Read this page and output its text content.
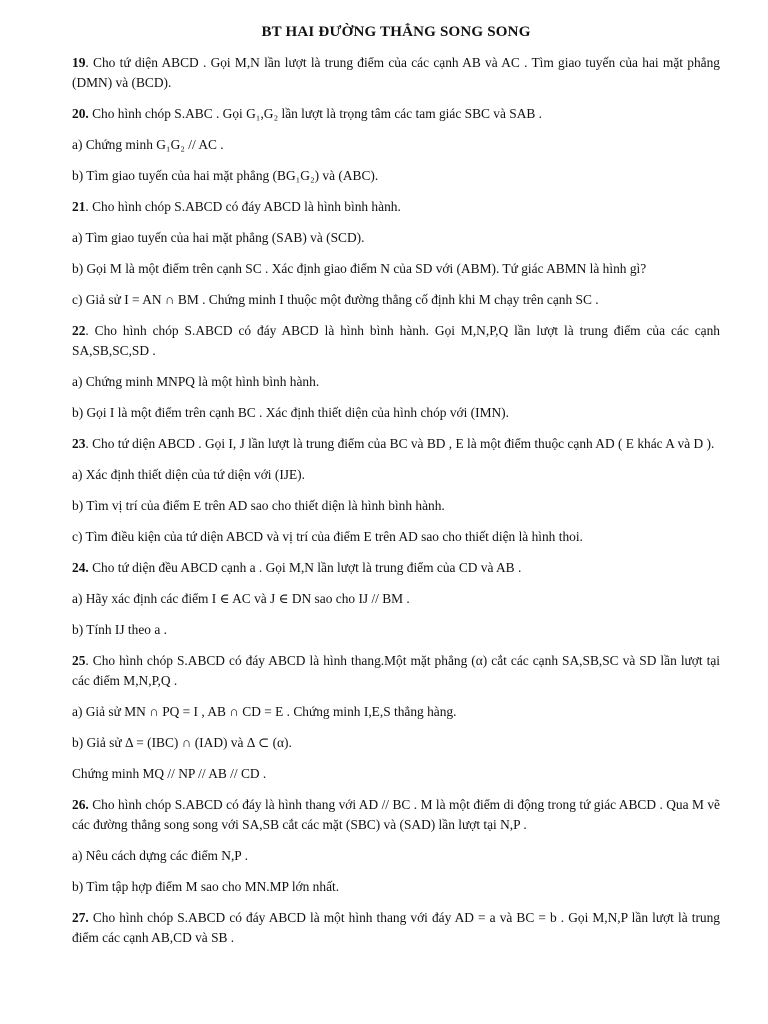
BT HAI ĐƯỜNG THẲNG SONG SONG
19. Cho tứ diện ABCD . Gọi M,N lần lượt là trung điểm của các cạnh AB và AC . Tìm giao tuyến của hai mặt phẳng (DMN) và (BCD).
20. Cho hình chóp S.ABC . Gọi G₁,G₂ lần lượt là trọng tâm các tam giác SBC và SAB .
a) Chứng minh G₁G₂ // AC .
b) Tìm giao tuyến của hai mặt phẳng (BG₁G₂) và (ABC).
21. Cho hình chóp S.ABCD có đáy ABCD là hình bình hành.
a) Tìm giao tuyến của hai mặt phẳng (SAB) và (SCD).
b) Gọi M là một điểm trên cạnh SC . Xác định giao điểm N của SD với (ABM). Tứ giác ABMN là hình gì?
c) Giả sử I = AN ∩ BM . Chứng minh I thuộc một đường thẳng cố định khi M chạy trên cạnh SC .
22. Cho hình chóp S.ABCD có đáy ABCD là hình bình hành. Gọi M,N,P,Q lần lượt là trung điểm của các cạnh SA,SB,SC,SD .
a) Chứng minh MNPQ là một hình bình hành.
b) Gọi I là một điểm trên cạnh BC . Xác định thiết diện của hình chóp với (IMN).
23. Cho tứ diện ABCD . Gọi I, J lần lượt là trung điểm của BC và BD , E là một điểm thuộc cạnh AD ( E khác A và D ).
a) Xác định thiết diện của tứ diện với (IJE).
b) Tìm vị trí của điểm E trên AD sao cho thiết diện là hình bình hành.
c) Tìm điều kiện của tứ diện ABCD và vị trí của điểm E trên AD sao cho thiết diện là hình thoi.
24. Cho tứ diện đều ABCD cạnh a . Gọi M,N lần lượt là trung điểm của CD và AB .
a) Hãy xác định các điểm I ∈ AC và J ∈ DN sao cho IJ // BM .
b) Tính IJ theo a .
25. Cho hình chóp S.ABCD có đáy ABCD là hình thang.Một mặt phẳng (α) cắt các cạnh SA,SB,SC và SD lần lượt tại các điểm M,N,P,Q .
a) Giả sử MN ∩ PQ = I , AB ∩ CD = E . Chứng minh I,E,S thẳng hàng.
b) Giả sử Δ = (IBC) ∩ (IAD) và Δ ⊂ (α).
Chứng minh MQ // NP // AB // CD .
26. Cho hình chóp S.ABCD có đáy là hình thang với AD // BC . M là một điểm di động trong tứ giác ABCD . Qua M vẽ các đường thẳng song song với SA,SB cắt các mặt (SBC) và (SAD) lần lượt tại N,P .
a) Nêu cách dựng các điểm N,P .
b) Tìm tập hợp điểm M sao cho MN.MP lớn nhất.
27. Cho hình chóp S.ABCD có đáy ABCD là một hình thang với đáy AD = a và BC = b . Gọi M,N,P lần lượt là trung điểm các cạnh AB,CD và SB .
